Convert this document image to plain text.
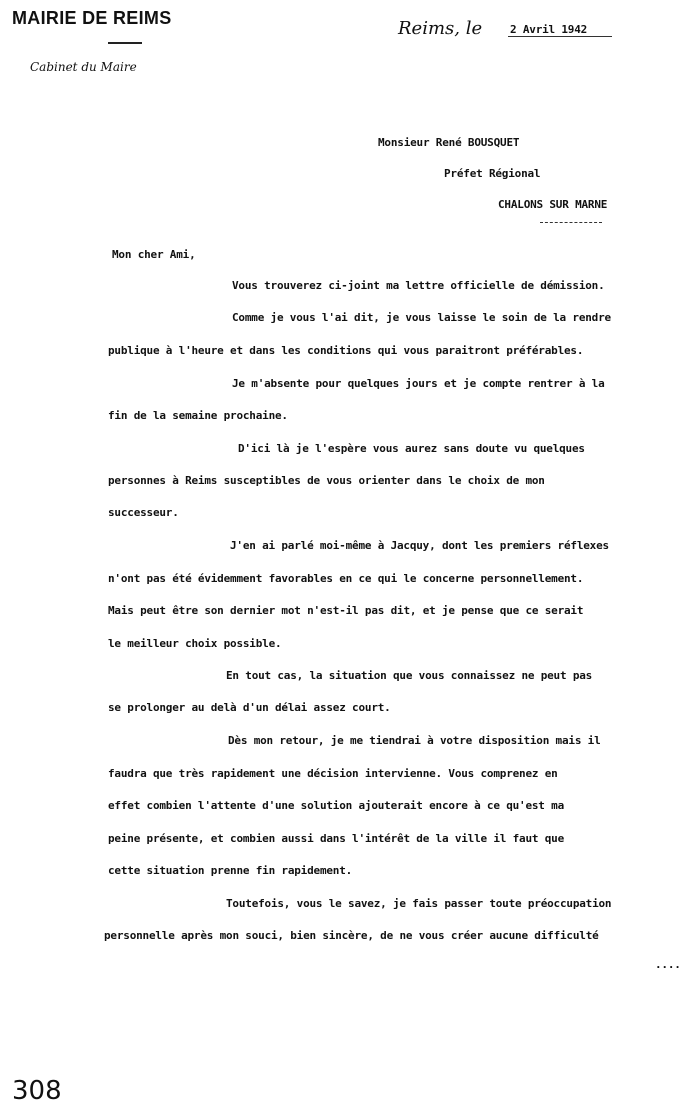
MAIRIE DE REIMS
Cabinet du Maire
Reims, le	2 Avril 1942
Monsieur René BOUSQUET
Préfet Régional
CHALONS SUR MARNE
Mon cher Ami,
Vous trouverez ci-joint ma lettre officielle de démission.
Comme je vous l'ai dit, je vous laisse le soin de la rendre
publique à l'heure et dans les conditions qui vous paraitront préférables.
Je m'absente pour quelques jours et je compte rentrer à la
fin de la semaine prochaine.
D'ici là je l'espère vous aurez sans doute vu quelques
personnes à Reims susceptibles de vous orienter dans le choix de mon
successeur.
J'en ai parlé moi-même à Jacquy, dont les premiers réflexes
n'ont pas été évidemment favorables en ce qui le concerne personnellement.
Mais peut être son dernier mot n'est-il pas dit, et je pense que ce serait
le meilleur choix possible.
En tout cas, la situation que vous connaissez ne peut pas
se prolonger au delà d'un délai assez court.
Dès mon retour, je me tiendrai à votre disposition mais il
faudra que très rapidement une décision intervienne. Vous comprenez en
effet combien l'attente d'une solution ajouterait encore à ce qu'est ma
peine présente, et combien aussi dans l'intérêt de la ville il faut que
cette situation prenne fin rapidement.
Toutefois, vous le savez, je fais passer toute préoccupation
personnelle après mon souci, bien sincère, de ne vous créer aucune difficulté
....
308
